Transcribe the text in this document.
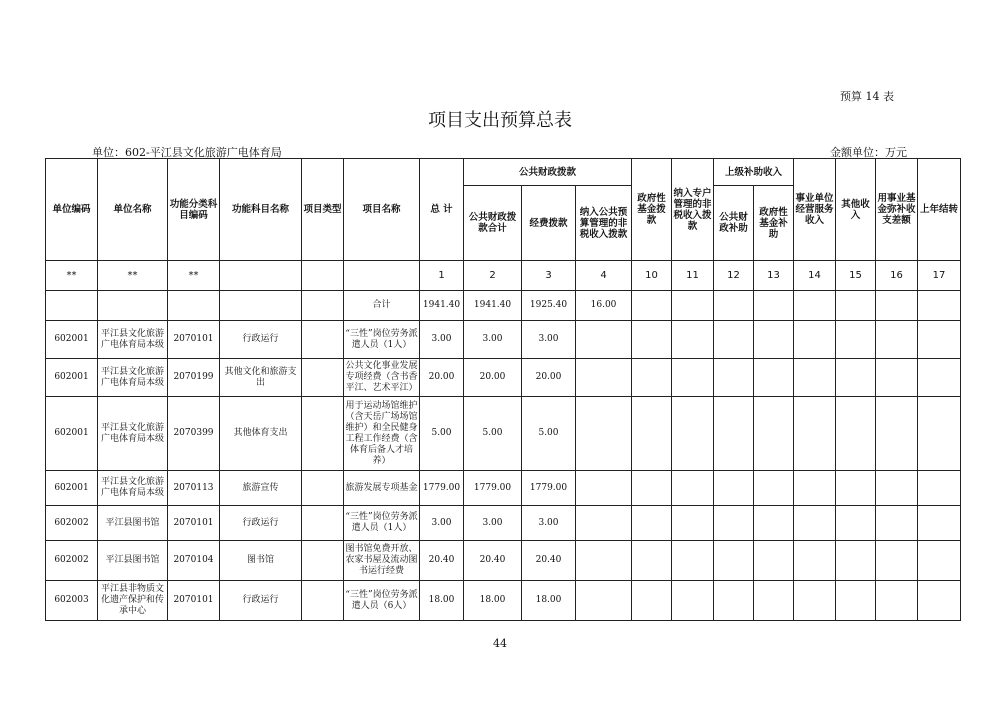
预算 14 表
项目支出预算总表
单位：602-平江县文化旅游广电体育局	金额单位：万元
单位编码	单位名称	功能分类科目编码	功能科目名称	项目类型	项目名称	总 计	公共财政拨款			政府性基金拨款	纳入专户管理的非税收入拨款	上级补助收入		事业单位经营服务收入	其他收入	用事业基金弥补收支差额	上年结转
							公共财政拨款合计	经费拨款	纳入公共预算管理的非税收入拨款			公共财政补助	政府性基金补助				
**	**	**				1	2	3	4	10	11	12	13	14	15	16	17
					合计	1941.40	1941.40	1925.40	16.00								
602001	平江县文化旅游广电体育局本级	2070101	行政运行		“三性”岗位劳务派遣人员（1人）	3.00	3.00	3.00									
602001	平江县文化旅游广电体育局本级	2070199	其他文化和旅游支出		公共文化事业发展专项经费（含书香平江、艺术平江）	20.00	20.00	20.00									
602001	平江县文化旅游广电体育局本级	2070399	其他体育支出		用于运动场馆维护（含天岳广场场馆维护）和全民健身工程工作经费（含体育后备人才培养）	5.00	5.00	5.00									
602001	平江县文化旅游广电体育局本级	2070113	旅游宣传		旅游发展专项基金	1779.00	1779.00	1779.00									
602002	平江县图书馆	2070101	行政运行		“三性”岗位劳务派遣人员（1人）	3.00	3.00	3.00									
602002	平江县图书馆	2070104	图书馆		图书馆免费开放、农家书屋及流动图书运行经费	20.40	20.40	20.40									
602003	平江县非物质文化遗产保护和传承中心	2070101	行政运行		“三性”岗位劳务派遣人员（6人）	18.00	18.00	18.00									
44
